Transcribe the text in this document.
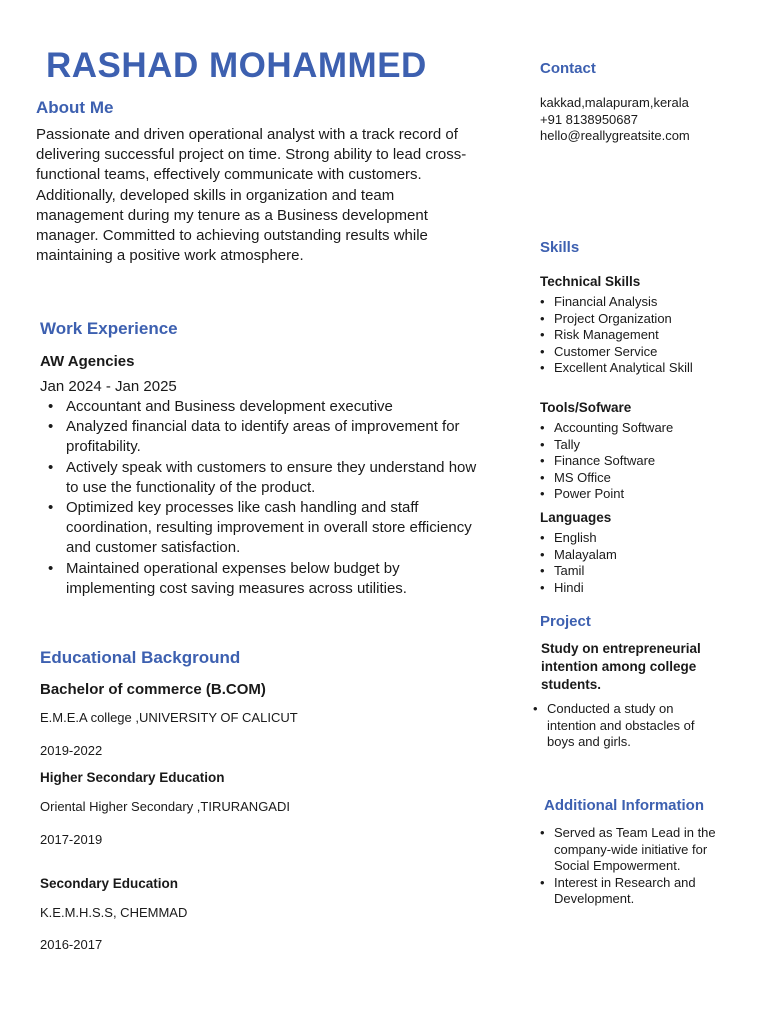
RASHAD MOHAMMED
About Me
Passionate and driven operational analyst with a track record of delivering successful project on time. Strong ability to lead cross- functional teams, effectively communicate with customers. Additionally, developed skills in organization and team management during my tenure as a Business development manager. Committed to achieving outstanding results while maintaining a positive work atmosphere.
Work Experience
AW Agencies
Jan 2024 - Jan 2025
• Accountant and Business development executive
• Analyzed financial data to identify areas of improvement for profitability.
• Actively speak with customers to ensure they understand how to use the functionality of the product.
• Optimized key processes like cash handling and staff coordination, resulting improvement in overall store efficiency and customer satisfaction.
• Maintained operational expenses below budget by implementing cost saving measures across utilities.
Educational Background
Bachelor of commerce (B.COM)
E.M.E.A college ,UNIVERSITY OF CALICUT
2019-2022
Higher Secondary Education
Oriental Higher Secondary ,TIRURANGADI
2017-2019
Secondary Education
K.E.M.H.S.S, CHEMMAD
2016-2017
Contact
kakkad,malapuram,kerala
+91 8138950687
hello@reallygreatsite.com
Skills
Technical Skills
• Financial Analysis
• Project Organization
• Risk Management
• Customer Service
• Excellent Analytical Skill
Tools/Sofware
• Accounting Software
• Tally
• Finance Software
• MS Office
• Power Point
Languages
• English
• Malayalam
• Tamil
• Hindi
Project
Study on entrepreneurial intention among college students.
• Conducted a study on intention and obstacles of boys and girls.
Additional Information
• Served as Team Lead in the company-wide initiative for Social Empowerment.
• Interest in Research and Development.
